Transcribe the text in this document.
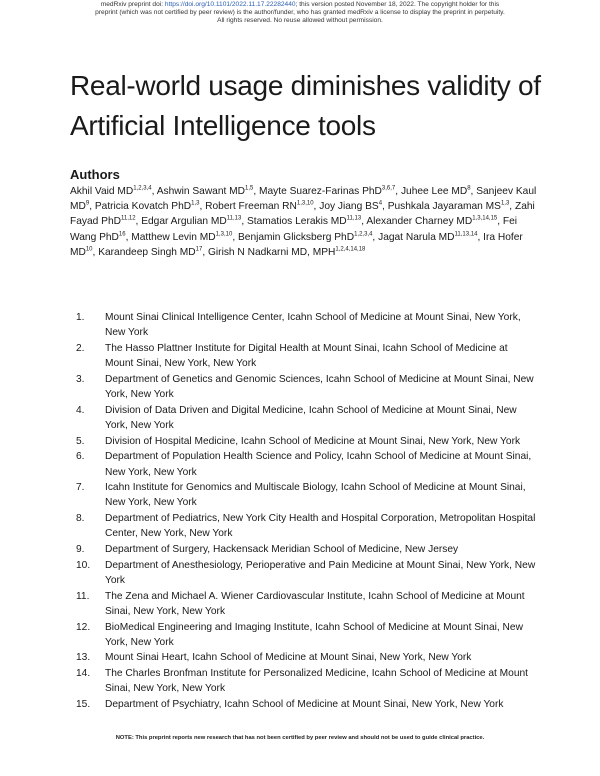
medRxiv preprint doi: https://doi.org/10.1101/2022.11.17.22282440; this version posted November 18, 2022. The copyright holder for this
preprint (which was not certified by peer review) is the author/funder, who has granted medRxiv a license to display the preprint in perpetuity.
All rights reserved. No reuse allowed without permission.
Real-world usage diminishes validity of Artificial Intelligence tools
Authors
Akhil Vaid MD$^{1,2,3,4}$, Ashwin Sawant MD$^{1,5}$, Mayte Suarez-Farinas PhD$^{3,6,7}$, Juhee Lee $MD^8$, Sanjeev Kaul $MD^9$, Patricia Kovatch PhD$^{1,3}$, Robert Freeman RN$^{1,3,10}$, Joy Jiang $BS^4$, Pushkala Jayaraman MS$^{1,3}$, Zahi Fayad PhD$^{11,12}$, Edgar Argulian MD$^{11,13}$, Stamatios Lerakis MD$^{11,13}$, Alexander Charney MD$^{1,3,14,15}$, Fei Wang PhD$^{16}$, Matthew Levin MD$^{1,3,10}$, Benjamin Glicksberg PhD$^{1,2,3,4}$, Jagat Narula MD$^{11,13,14}$, Ira Hofer MD$^{10}$, Karandeep Singh MD$^{17}$, Girish N Nadkarni MD, MPH$^{1,2,4,14,18}$
1. Mount Sinai Clinical Intelligence Center, Icahn School of Medicine at Mount Sinai, New York, New York
2. The Hasso Plattner Institute for Digital Health at Mount Sinai, Icahn School of Medicine at Mount Sinai, New York, New York
3. Department of Genetics and Genomic Sciences, Icahn School of Medicine at Mount Sinai, New York, New York
4. Division of Data Driven and Digital Medicine, Icahn School of Medicine at Mount Sinai, New York, New York
5. Division of Hospital Medicine, Icahn School of Medicine at Mount Sinai, New York, New York
6. Department of Population Health Science and Policy, Icahn School of Medicine at Mount Sinai, New York, New York
7. Icahn Institute for Genomics and Multiscale Biology, Icahn School of Medicine at Mount Sinai, New York, New York
8. Department of Pediatrics, New York City Health and Hospital Corporation, Metropolitan Hospital Center, New York, New York
9. Department of Surgery, Hackensack Meridian School of Medicine, New Jersey
10. Department of Anesthesiology, Perioperative and Pain Medicine at Mount Sinai, New York, New York
11. The Zena and Michael A. Wiener Cardiovascular Institute, Icahn School of Medicine at Mount Sinai, New York, New York
12. BioMedical Engineering and Imaging Institute, Icahn School of Medicine at Mount Sinai, New York, New York
13. Mount Sinai Heart, Icahn School of Medicine at Mount Sinai, New York, New York
14. The Charles Bronfman Institute for Personalized Medicine, Icahn School of Medicine at Mount Sinai, New York, New York
15. Department of Psychiatry, Icahn School of Medicine at Mount Sinai, New York, New York
NOTE: This preprint reports new research that has not been certified by peer review and should not be used to guide clinical practice.
